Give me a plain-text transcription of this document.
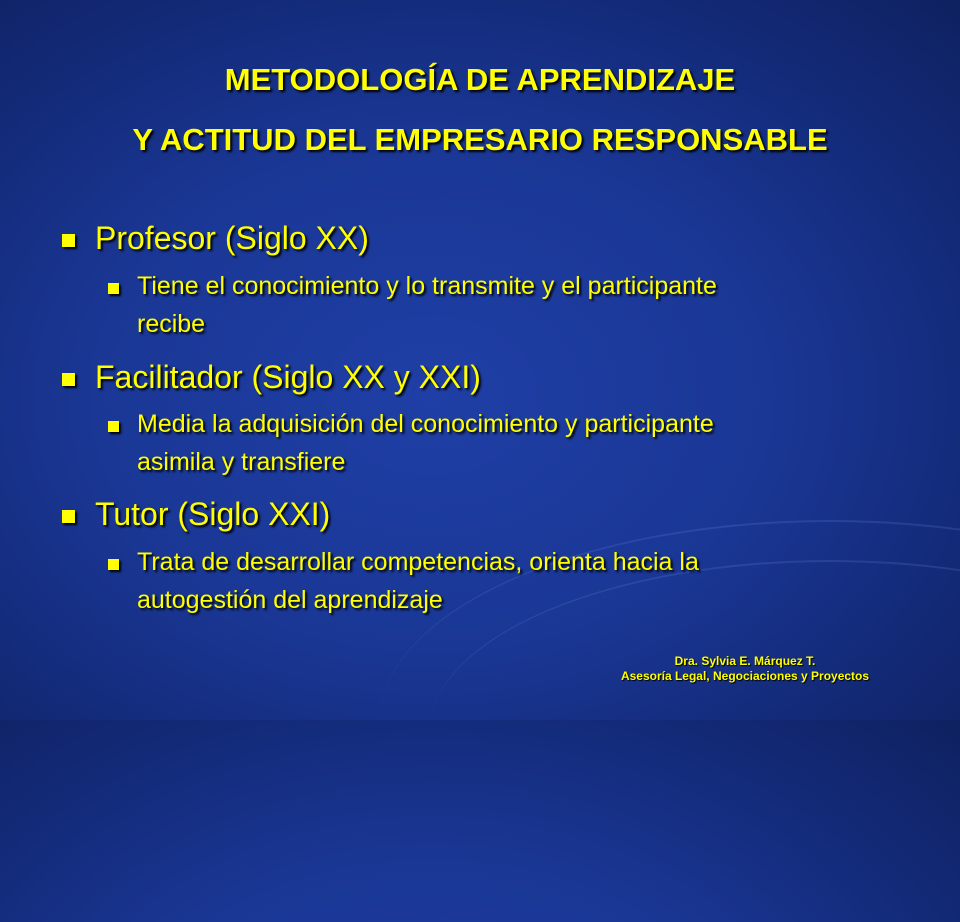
METODOLOGÍA DE APRENDIZAJE
Y ACTITUD DEL EMPRESARIO RESPONSABLE
Profesor (Siglo XX)
Tiene el conocimiento y lo transmite y el participante
recibe
Facilitador (Siglo XX y XXI)
Media la adquisición del conocimiento y participante
asimila y transfiere
Tutor (Siglo XXI)
Trata de desarrollar competencias, orienta hacia la
autogestión del aprendizaje
Dra. Sylvia E. Márquez T.
Asesoría Legal, Negociaciones y Proyectos
